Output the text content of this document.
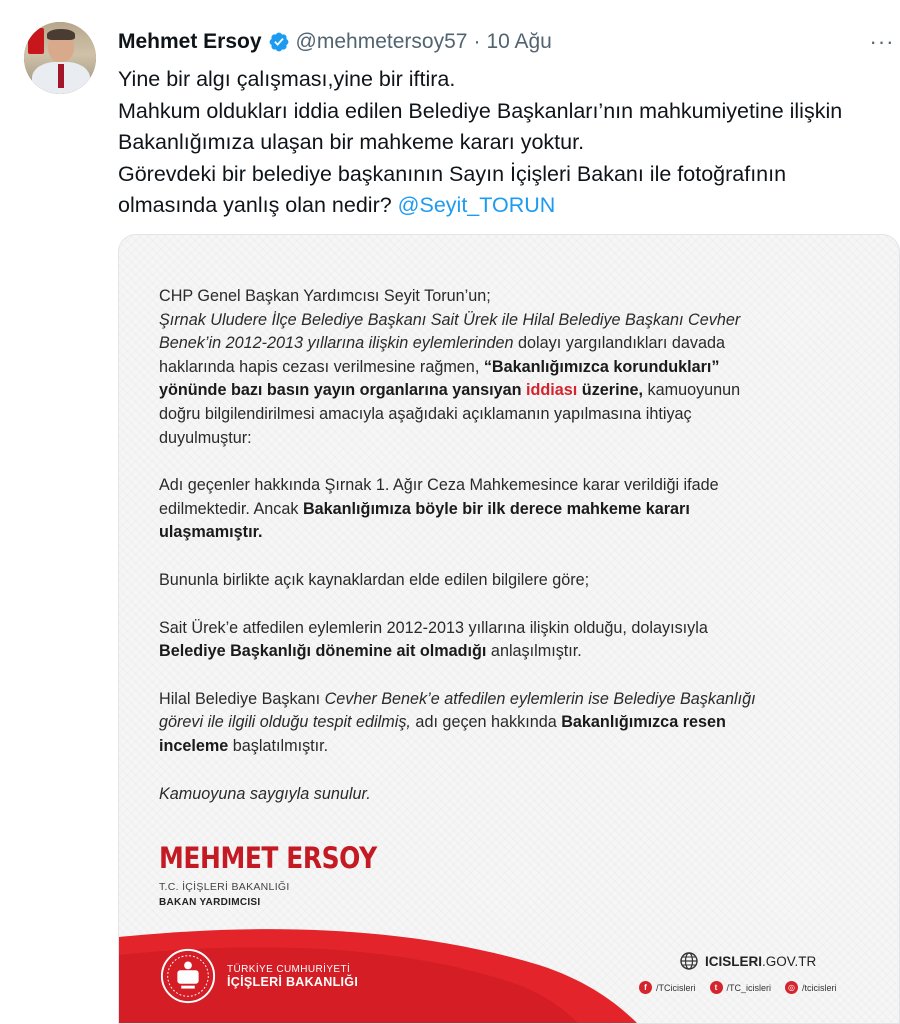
Mehmet Ersoy @mehmetersoy57 · 10 Ağu	···

Yine bir algı çalışması,yine bir iftira.

Mahkum oldukları iddia edilen Belediye Başkanları’nın mahkumiyetine ilişkin

Bakanlığımıza ulaşan bir mahkeme kararı yoktur.

Görevdeki bir belediye başkanının Sayın İçişleri Bakanı ile fotoğrafının

olmasında yanlış olan nedir? @Seyit_TORUN

CHP Genel Başkan Yardımcısı Seyit Torun’un;
Şırnak Uludere İlçe Belediye Başkanı Sait Ürek ile Hilal Belediye Başkanı Cevher
Benek’in 2012-2013 yıllarına ilişkin eylemlerinden dolayı yargılandıkları davada
haklarında hapis cezası verilmesine rağmen, “Bakanlığımızca korundukları”
yönünde bazı basın yayın organlarına yansıyan iddiası üzerine, kamuoyunun
doğru bilgilendirilmesi amacıyla aşağıdaki açıklamanın yapılmasına ihtiyaç
duyulmuştur:
Adı geçenler hakkında Şırnak 1. Ağır Ceza Mahkemesince karar verildiği ifade
edilmektedir. Ancak Bakanlığımıza böyle bir ilk derece mahkeme kararı
ulaşmamıştır.
Bununla birlikte açık kaynaklardan elde edilen bilgilere göre;
Sait Ürek’e atfedilen eylemlerin 2012-2013 yıllarına ilişkin olduğu, dolayısıyla
Belediye Başkanlığı dönemine ait olmadığı anlaşılmıştır.
Hilal Belediye Başkanı Cevher Benek’e atfedilen eylemlerin ise Belediye Başkanlığı
görevi ile ilgili olduğu tespit edilmiş, adı geçen hakkında Bakanlığımızca resen
inceleme başlatılmıştır.
Kamuoyuna saygıyla sunulur.
MEHMET ERSOY
T.C. İÇİŞLERİ BAKANLIĞI
BAKAN YARDIMCISI
TÜRKİYE CUMHURİYETİ
İÇİŞLERİ BAKANLIĞI
ICISLERI .GOV.TR
f	/TCicisleri	t	/TC_icisleri	◎ /tcicisleri
